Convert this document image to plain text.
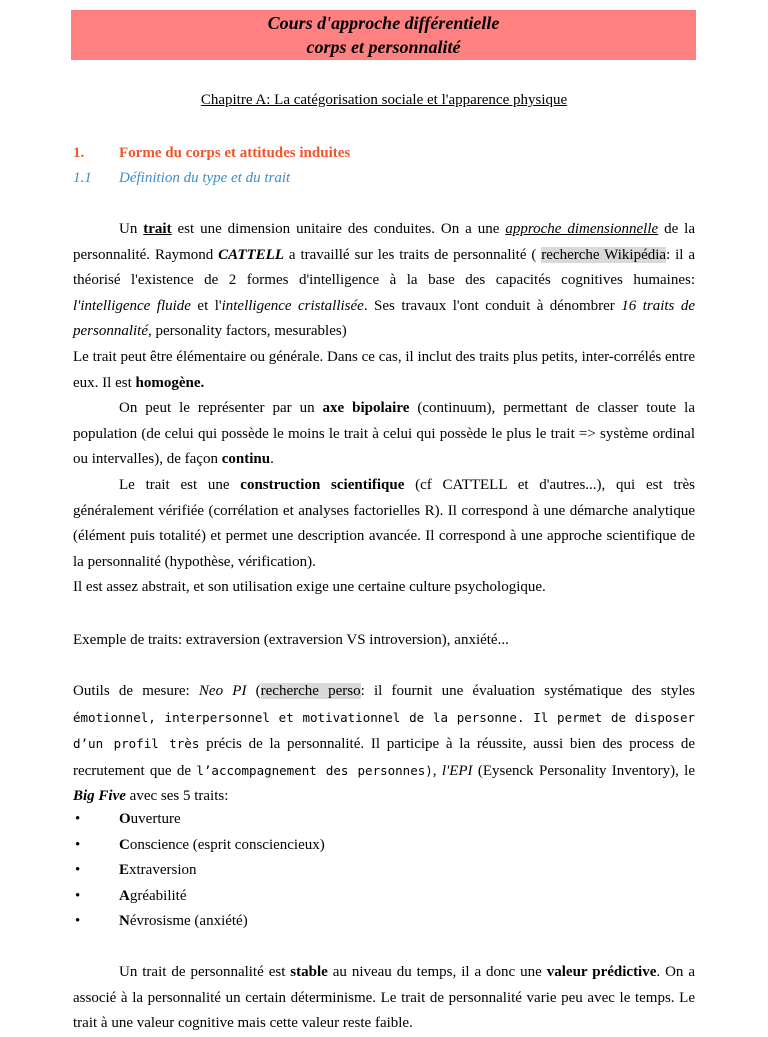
Cours d'approche différentielle
corps et personnalité
Chapitre A: La catégorisation sociale et l'apparence physique
1. Forme du corps et attitudes induites
1.1 Définition du type et du trait
Un trait est une dimension unitaire des conduites. On a une approche dimensionnelle de la personnalité. Raymond CATTELL a travaillé sur les traits de personnalité ( recherche Wikipédia: il a théorisé l'existence de 2 formes d'intelligence à la base des capacités cognitives humaines: l'intelligence fluide et l'intelligence cristallisée. Ses travaux l'ont conduit à dénombrer 16 traits de personnalité, personality factors, mesurables)
Le trait peut être élémentaire ou générale. Dans ce cas, il inclut des traits plus petits, inter-corrélés entre eux. Il est homogène.
On peut le représenter par un axe bipolaire (continuum), permettant de classer toute la population (de celui qui possède le moins le trait à celui qui possède le plus le trait => système ordinal ou intervalles), de façon continu.
Le trait est une construction scientifique (cf CATTELL et d'autres...), qui est très généralement vérifiée (corrélation et analyses factorielles R). Il correspond à une démarche analytique (élément puis totalité) et permet une description avancée. Il correspond à une approche scientifique de la personnalité (hypothèse, vérification).
Il est assez abstrait, et son utilisation exige une certaine culture psychologique.
Exemple de traits: extraversion (extraversion VS introversion), anxiété...
Outils de mesure: Neo PI (recherche perso: il fournit une évaluation systématique des styles émotionnel, interpersonnel et motivationnel de la personne. Il permet de disposer d’un profil très précis de la personnalité. Il participe à la réussite, aussi bien des process de recrutement que de l’accompagnement des personnes), l'EPI (Eysenck Personality Inventory), le Big Five avec ses 5 traits:
•	Ouverture
•	Conscience (esprit consciencieux)
•	Extraversion
•	Agréabilité
•	Névrosisme (anxiété)
Un trait de personnalité est stable au niveau du temps, il a donc une valeur prédictive. On a associé à la personnalité un certain déterminisme. Le trait de personnalité varie peu avec le temps. Le trait à une valeur cognitive mais cette valeur reste faible.
